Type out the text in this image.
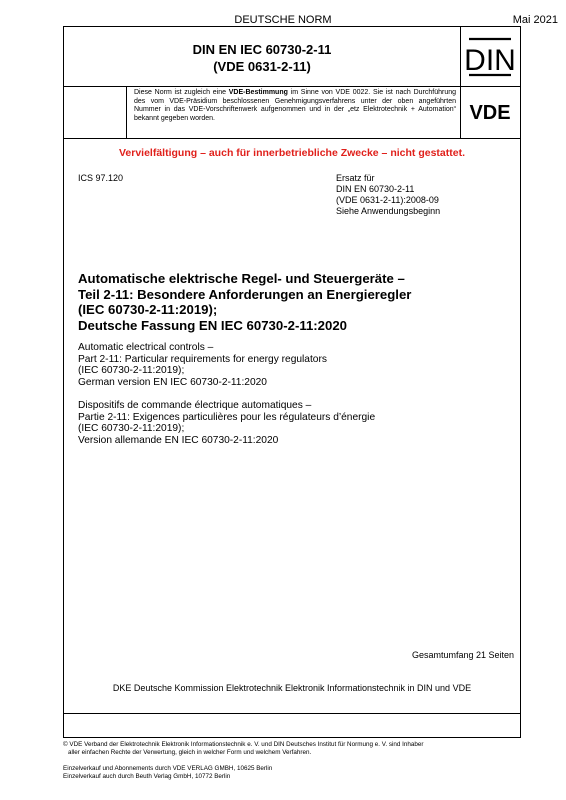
DEUTSCHE NORM	Mai 2021
DIN EN IEC 60730-2-11
(VDE 0631-2-11)	DIN
Diese Norm ist zugleich eine VDE-Bestimmung im Sinne von VDE 0022. Sie ist nach Durchführung des vom VDE-Präsidium beschlossenen Genehmigungsverfahrens unter der oben angeführten Nummer in das VDE-Vorschriftenwerk aufgenommen und in der „etz Elektrotechnik + Automation“ bekannt gegeben worden.	VDE
Vervielfältigung – auch für innerbetriebliche Zwecke – nicht gestattet.
ICS 97.120	Ersatz für
DIN EN 60730-2-11
(VDE 0631-2-11):2008-09
Siehe Anwendungsbeginn
Automatische elektrische Regel- und Steuergeräte –
Teil 2-11: Besondere Anforderungen an Energieregler
(IEC 60730-2-11:2019);
Deutsche Fassung EN IEC 60730-2-11:2020
Automatic electrical controls –
Part 2-11: Particular requirements for energy regulators
(IEC 60730-2-11:2019);
German version EN IEC 60730-2-11:2020
Dispositifs de commande électrique automatiques –
Partie 2-11: Exigences particulières pour les régulateurs d’énergie
(IEC 60730-2-11:2019);
Version allemande EN IEC 60730-2-11:2020
Gesamtumfang 21 Seiten
DKE Deutsche Kommission Elektrotechnik Elektronik Informationstechnik in DIN und VDE
© VDE Verband der Elektrotechnik Elektronik Informationstechnik e. V. und DIN Deutsches Institut für Normung e. V. sind Inhaber
aller einfachen Rechte der Verwertung, gleich in welcher Form und welchem Verfahren.
Einzelverkauf und Abonnements durch VDE VERLAG GMBH, 10625 Berlin
Einzelverkauf auch durch Beuth Verlag GmbH, 10772 Berlin
